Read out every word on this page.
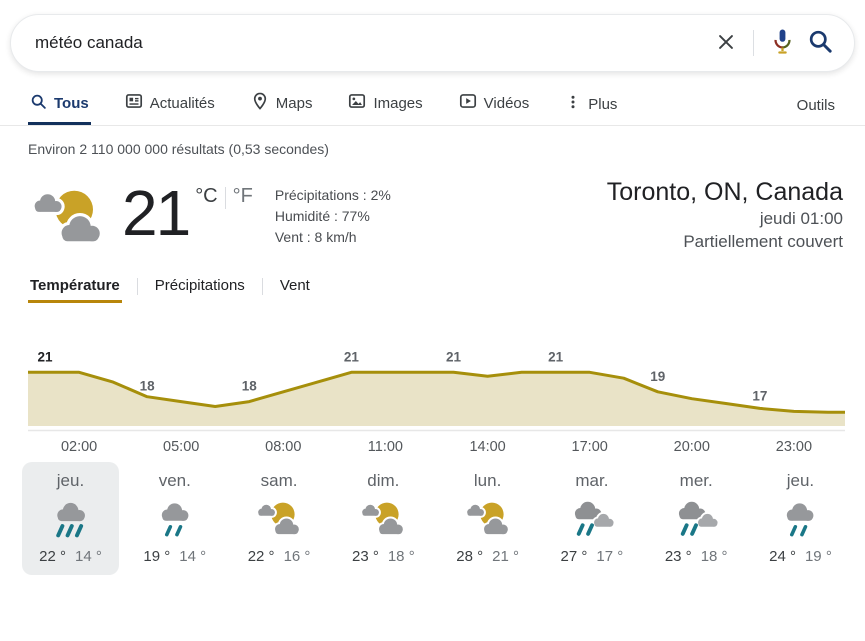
météo canada
Tous	Actualités	Maps	Images	Vidéos	Plus	Outils
Environ 2 110 000 000 résultats (0,53 secondes)
21 °C °F Précipitations : 2%
Humidité : 77%
Vent : 8 km/h
Toronto, ON, Canada
jeudi 01:00
Partiellement couvert
Température Précipitations Vent
21
18	18
21	21	21
19
17
02:00	05:00	08:00	11:00	14:00	17:00	20:00	23:00
jeu.
22 ° 14 °
ven.
19 ° 14 °
sam.
22 ° 16 °
dim.
23 ° 18 °
lun.
28 ° 21 °
mar.
27 ° 17 °
mer.
23 ° 18 °
jeu.
24 ° 19 °
